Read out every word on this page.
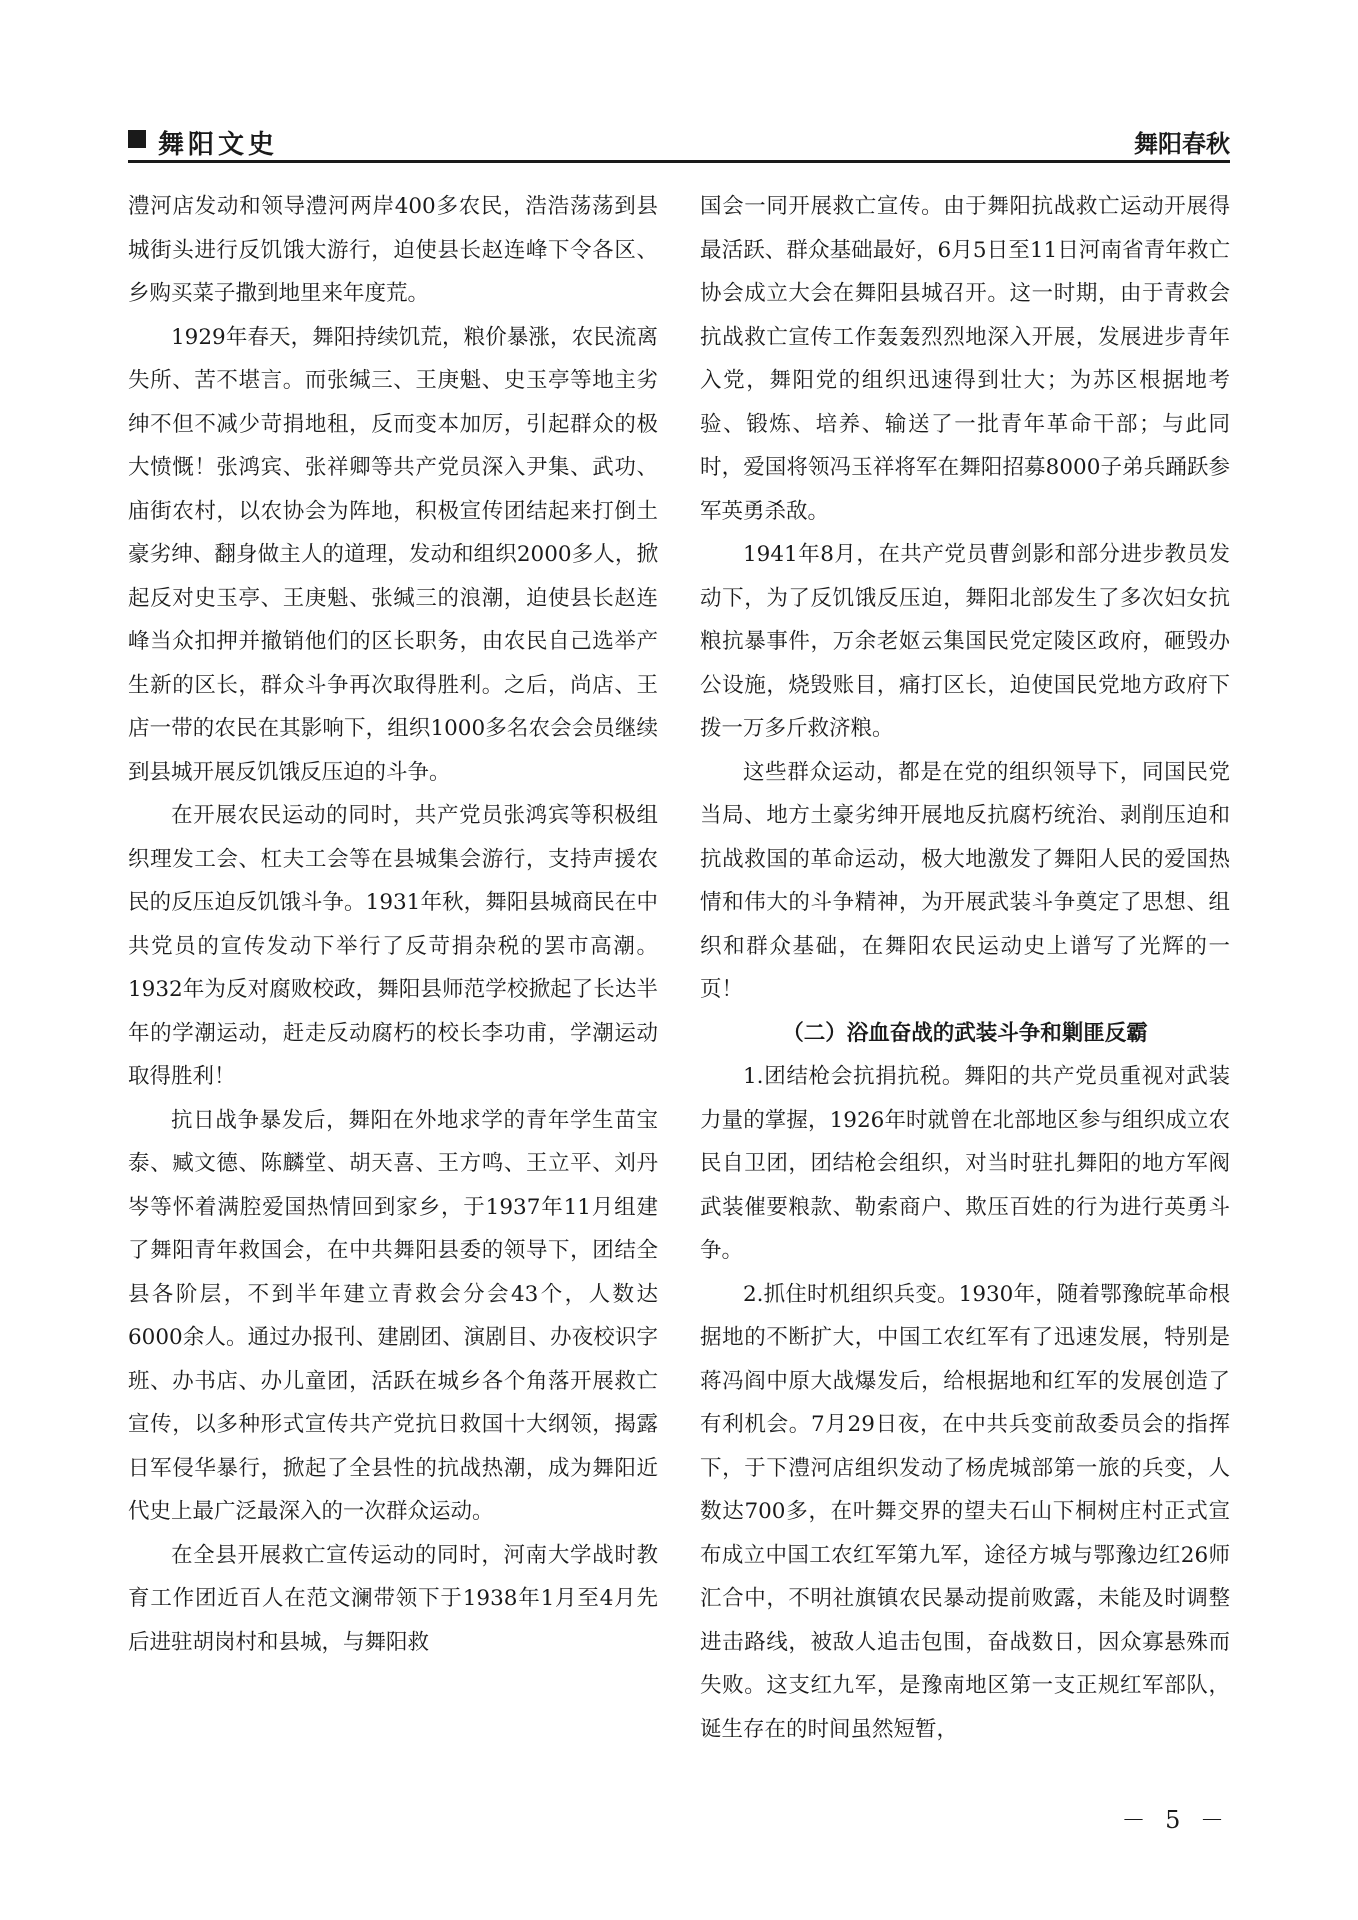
舞阳文史	舞阳春秋

澧河店发动和领导澧河两岸400多农民，浩浩荡荡到县城街头进行反饥饿大游行，迫使县长赵连峰下令各区、乡购买菜子撒到地里来年度荒。

1929年春天，舞阳持续饥荒，粮价暴涨，农民流离失所、苦不堪言。而张缄三、王庚魁、史玉亭等地主劣绅不但不减少苛捐地租，反而变本加厉，引起群众的极大愤慨！张鸿宾、张祥卿等共产党员深入尹集、武功、庙街农村，以农协会为阵地，积极宣传团结起来打倒土豪劣绅、翻身做主人的道理，发动和组织2000多人，掀起反对史玉亭、王庚魁、张缄三的浪潮，迫使县长赵连峰当众扣押并撤销他们的区长职务，由农民自己选举产生新的区长，群众斗争再次取得胜利。之后，尚店、王店一带的农民在其影响下，组织1000多名农会会员继续到县城开展反饥饿反压迫的斗争。

在开展农民运动的同时，共产党员张鸿宾等积极组织理发工会、杠夫工会等在县城集会游行，支持声援农民的反压迫反饥饿斗争。1931年秋，舞阳县城商民在中共党员的宣传发动下举行了反苛捐杂税的罢市高潮。1932年为反对腐败校政，舞阳县师范学校掀起了长达半年的学潮运动，赶走反动腐朽的校长李功甫，学潮运动取得胜利！

抗日战争暴发后，舞阳在外地求学的青年学生苗宝泰、臧文德、陈麟堂、胡天喜、王方鸣、王立平、刘丹岑等怀着满腔爱国热情回到家乡，于1937年11月组建了舞阳青年救国会，在中共舞阳县委的领导下，团结全县各阶层，不到半年建立青救会分会43个，人数达6000余人。通过办报刊、建剧团、演剧目、办夜校识字班、办书店、办儿童团，活跃在城乡各个角落开展救亡宣传，以多种形式宣传共产党抗日救国十大纲领，揭露日军侵华暴行，掀起了全县性的抗战热潮，成为舞阳近代史上最广泛最深入的一次群众运动。

在全县开展救亡宣传运动的同时，河南大学战时教育工作团近百人在范文澜带领下于1938年1月至4月先后进驻胡岗村和县城，与舞阳救

国会一同开展救亡宣传。由于舞阳抗战救亡运动开展得最活跃、群众基础最好，6月5日至11日河南省青年救亡协会成立大会在舞阳县城召开。这一时期，由于青救会抗战救亡宣传工作轰轰烈烈地深入开展，发展进步青年入党，舞阳党的组织迅速得到壮大；为苏区根据地考验、锻炼、培养、输送了一批青年革命干部；与此同时，爱国将领冯玉祥将军在舞阳招募8000子弟兵踊跃参军英勇杀敌。

1941年8月，在共产党员曹剑影和部分进步教员发动下，为了反饥饿反压迫，舞阳北部发生了多次妇女抗粮抗暴事件，万余老妪云集国民党定陵区政府，砸毁办公设施，烧毁账目，痛打区长，迫使国民党地方政府下拨一万多斤救济粮。

这些群众运动，都是在党的组织领导下，同国民党当局、地方土豪劣绅开展地反抗腐朽统治、剥削压迫和抗战救国的革命运动，极大地激发了舞阳人民的爱国热情和伟大的斗争精神，为开展武装斗争奠定了思想、组织和群众基础，在舞阳农民运动史上谱写了光辉的一页！

（二）浴血奋战的武装斗争和剿匪反霸

1.团结枪会抗捐抗税。舞阳的共产党员重视对武装力量的掌握，1926年时就曾在北部地区参与组织成立农民自卫团，团结枪会组织，对当时驻扎舞阳的地方军阀武装催要粮款、勒索商户、欺压百姓的行为进行英勇斗争。

2.抓住时机组织兵变。1930年，随着鄂豫皖革命根据地的不断扩大，中国工农红军有了迅速发展，特别是蒋冯阎中原大战爆发后，给根据地和红军的发展创造了有利机会。7月29日夜，在中共兵变前敌委员会的指挥下，于下澧河店组织发动了杨虎城部第一旅的兵变，人数达700多，在叶舞交界的望夫石山下桐树庄村正式宣布成立中国工农红军第九军，途径方城与鄂豫边红26师汇合中，不明社旗镇农民暴动提前败露，未能及时调整进击路线，被敌人追击包围，奋战数日，因众寡悬殊而失败。这支红九军，是豫南地区第一支正规红军部队，诞生存在的时间虽然短暂，

－ 5 －
